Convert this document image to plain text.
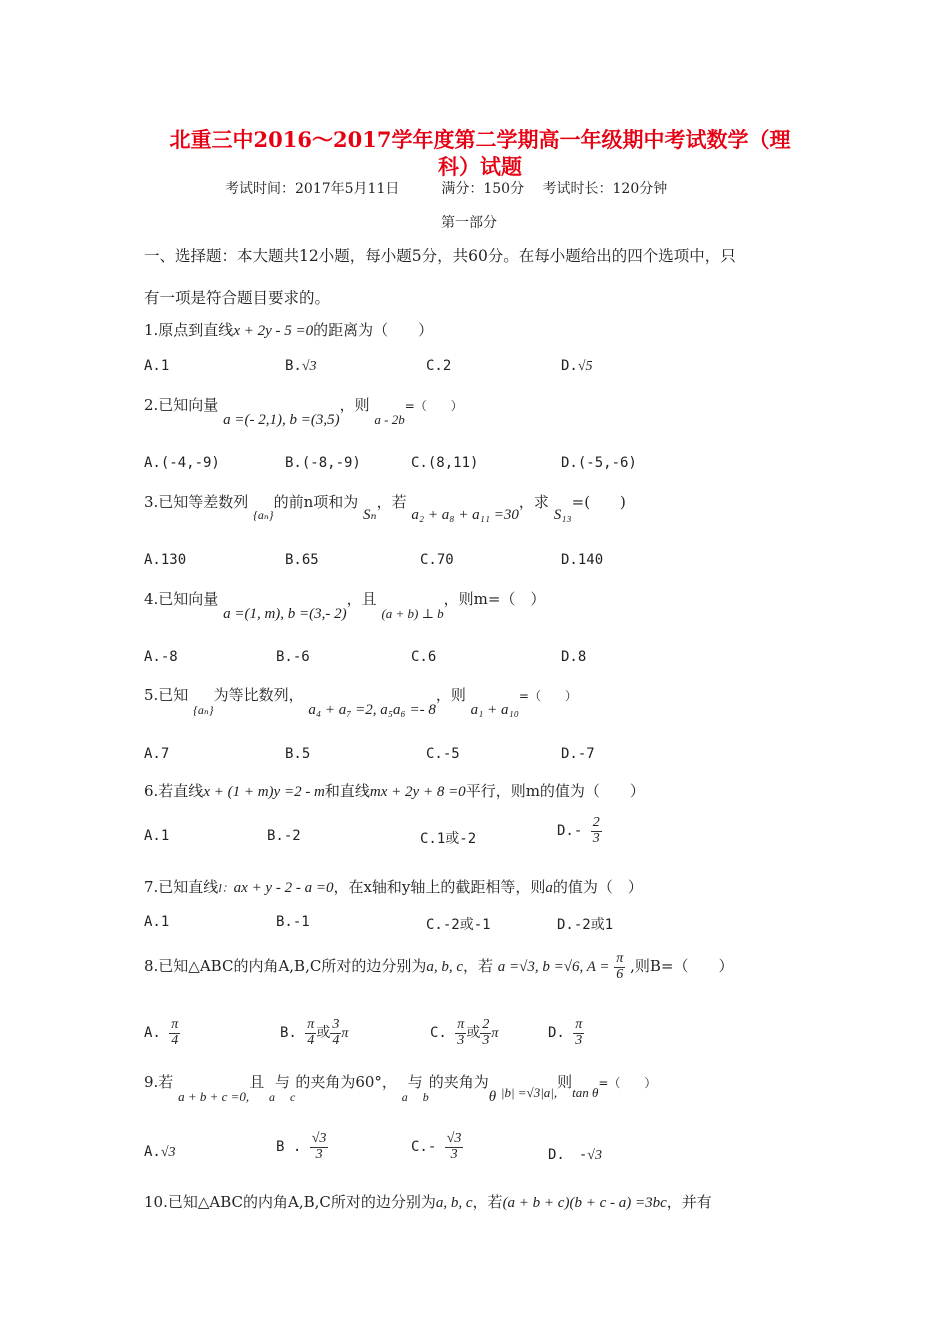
北重三中2016～2017学年度第二学期高一年级期中考试数学（理
科）试题
考试时间：2017年5月11日　　　满分：150分　 考试时长：120分钟
第一部分
一、选择题：本大题共12小题，每小题5分，共60分。在每小题给出的四个选项中，只
有一项是符合题目要求的。
1.原点到直线x + 2y - 5 =0的距离为（　　）
A.1	B.√3	C.2	D.√5
2.已知向量 a =(- 2,1), b =(3,5)，则 a - 2b=（　　）
A.(-4,-9)	B.(-8,-9)	C.(8,11)	D.(-5,-6)
3.已知等差数列 $_{\{a_n\}}$的前n项和为 Sₙ，若 a₂ + a₈ + a₁₁ =30，求 S₁₃=(　　)
A.130	B.65	C.70	D.140
4.已知向量 a =(1, m), b =(3,- 2)，且 (a + b) ⊥ b，则m=（　）
A.-8	B.-6	C.6	D.8
5.已知 $_{\{a_n\}}$为等比数列， a₄ + a₇ =2, a₅a₆ =- 8，则 a₁ + a₁₀=（　　）
A.7	B.5	C.-5	D.-7
6.若直线x + (1 + m)y =2 - m和直线mx + 2y + 8 =0平行，则m的值为（　　）
A.1	B.-2	C.1或-2	$D.- \frac{2}{3}$
7.已知直线l：ax + y - 2 - a =0，在x轴和y轴上的截距相等，则a的值为（　）
A.1	B.-1	C.-2或-1	D.-2或1
8.已知△ABC的内角A,B,C所对的边分别为a, b, c，若 a =√3, b =√6, $A = \frac{\pi}{6}$ ,则B=（　　）
A. $\frac{\pi}{4}$	B. $\frac{\pi}{4}$ 或 $\frac{3}{4}$ π	C. $\frac{\pi}{3}$ 或 $\frac{2}{3}$ π	D. $\frac{\pi}{3}$
9.若 a + b + c =0,且 $_a$与$_c$的夹角为60°， $_a$与$_b$的夹角为θ |b| =√3|a|,则tan θ=（　　）
A.√3	B . $\frac{√3}{3}$	$C.- \frac{√3}{3}$	D.　-√3
10.已知△ABC的内角A,B,C所对的边分别为a, b, c，若(a + b + c)(b + c - a) =3bc，并有
